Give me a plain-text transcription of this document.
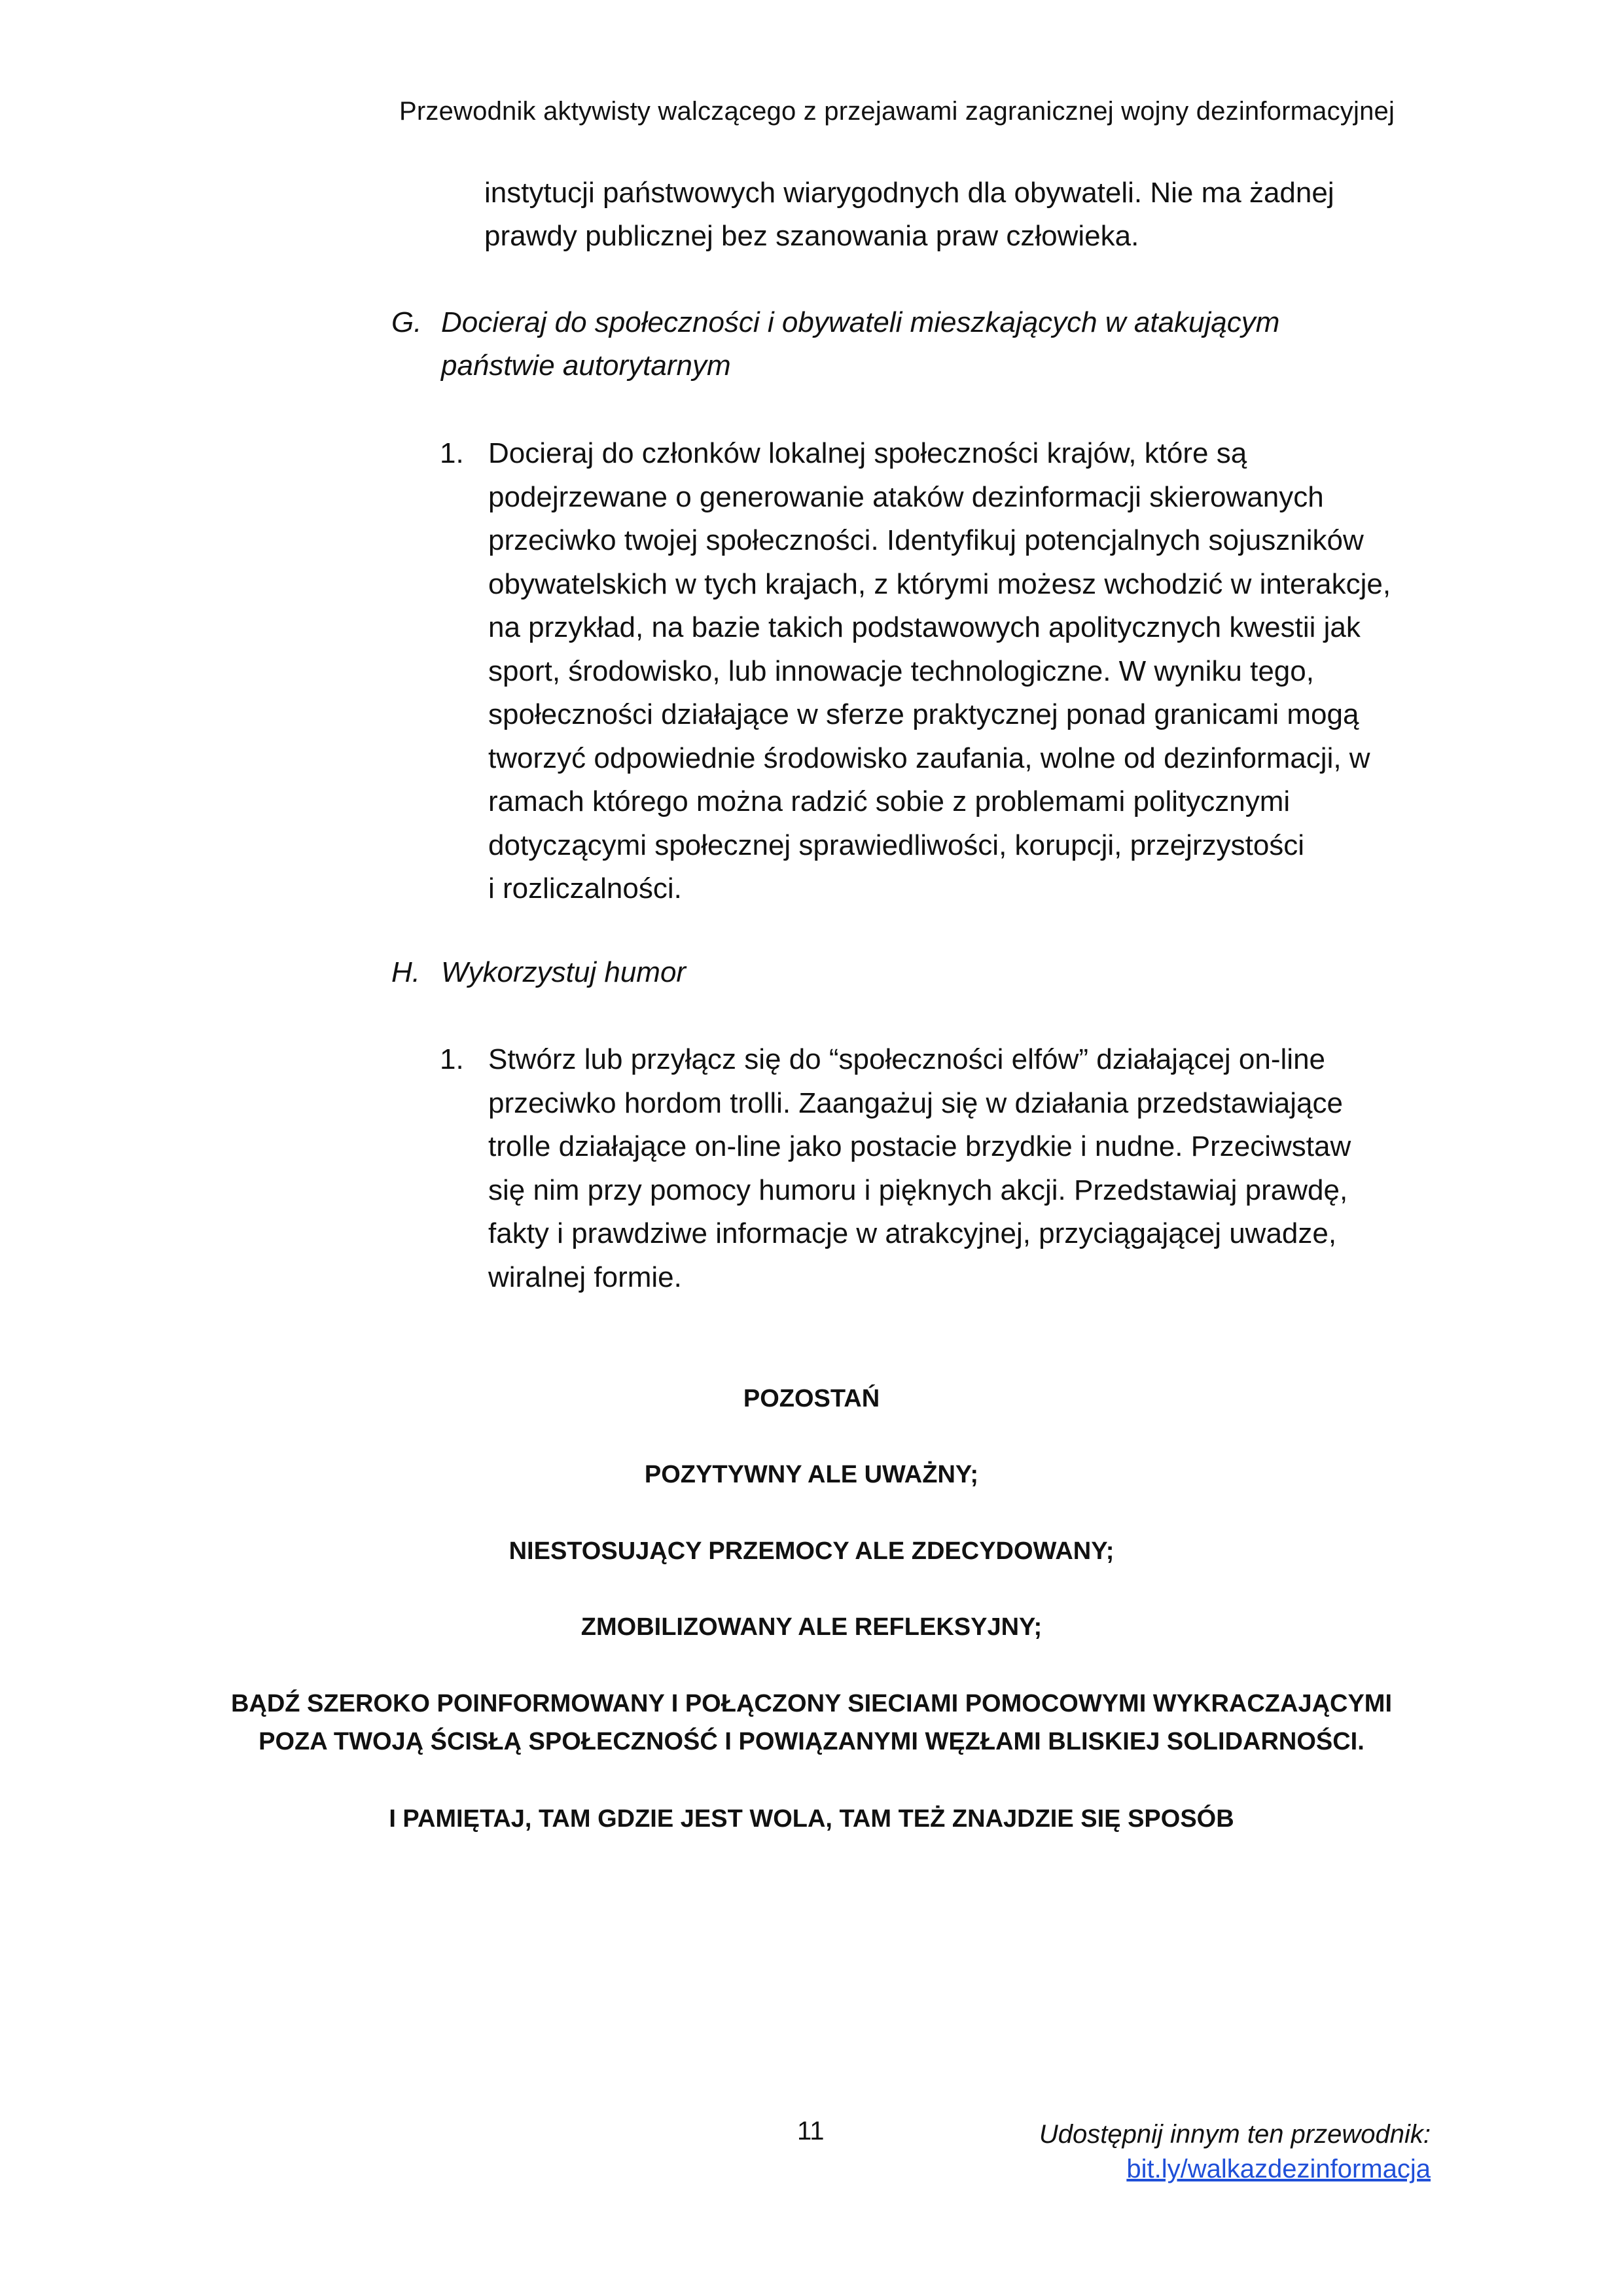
Przewodnik aktywisty walczącego z przejawami zagranicznej wojny dezinformacyjnej
instytucji państwowych wiarygodnych dla obywateli. Nie ma żadnej
prawdy publicznej bez szanowania praw człowieka.
G. Docieraj do społeczności i obywateli mieszkających w atakującym
państwie autorytarnym
1. Docieraj do członków lokalnej społeczności krajów, które są
podejrzewane o generowanie ataków dezinformacji skierowanych
przeciwko twojej społeczności. Identyfikuj potencjalnych sojuszników
obywatelskich w tych krajach, z którymi możesz wchodzić w interakcje,
na przykład, na bazie takich podstawowych apolitycznych kwestii jak
sport, środowisko, lub innowacje technologiczne. W wyniku tego,
społeczności działające w sferze praktycznej ponad granicami mogą
tworzyć odpowiednie środowisko zaufania, wolne od dezinformacji, w
ramach którego można radzić sobie z problemami politycznymi
dotyczącymi społecznej sprawiedliwości, korupcji, przejrzystości
i rozliczalności.
H. Wykorzystuj humor
1. Stwórz lub przyłącz się do “społeczności elfów” działającej on-line
przeciwko hordom trolli. Zaangażuj się w działania przedstawiające
trolle działające on-line jako postacie brzydkie i nudne. Przeciwstaw
się nim przy pomocy humoru i pięknych akcji. Przedstawiaj prawdę,
fakty i prawdziwe informacje w atrakcyjnej, przyciągającej uwadze,
wiralnej formie.
POZOSTAŃ
POZYTYWNY ALE UWAŻNY;
NIESTOSUJĄCY PRZEMOCY ALE ZDECYDOWANY;
ZMOBILIZOWANY ALE REFLEKSYJNY;
BĄDŹ SZEROKO POINFORMOWANY I POŁĄCZONY SIECIAMI POMOCOWYMI WYKRACZAJĄCYMI
POZA TWOJĄ ŚCISŁĄ SPOŁECZNOŚĆ I POWIĄZANYMI WĘZŁAMI BLISKIEJ SOLIDARNOŚCI.
I PAMIĘTAJ, TAM GDZIE JEST WOLA, TAM TEŻ ZNAJDZIE SIĘ SPOSÓB
11	Udostępnij innym ten przewodnik:
bit.ly/walkazdezinformacja
